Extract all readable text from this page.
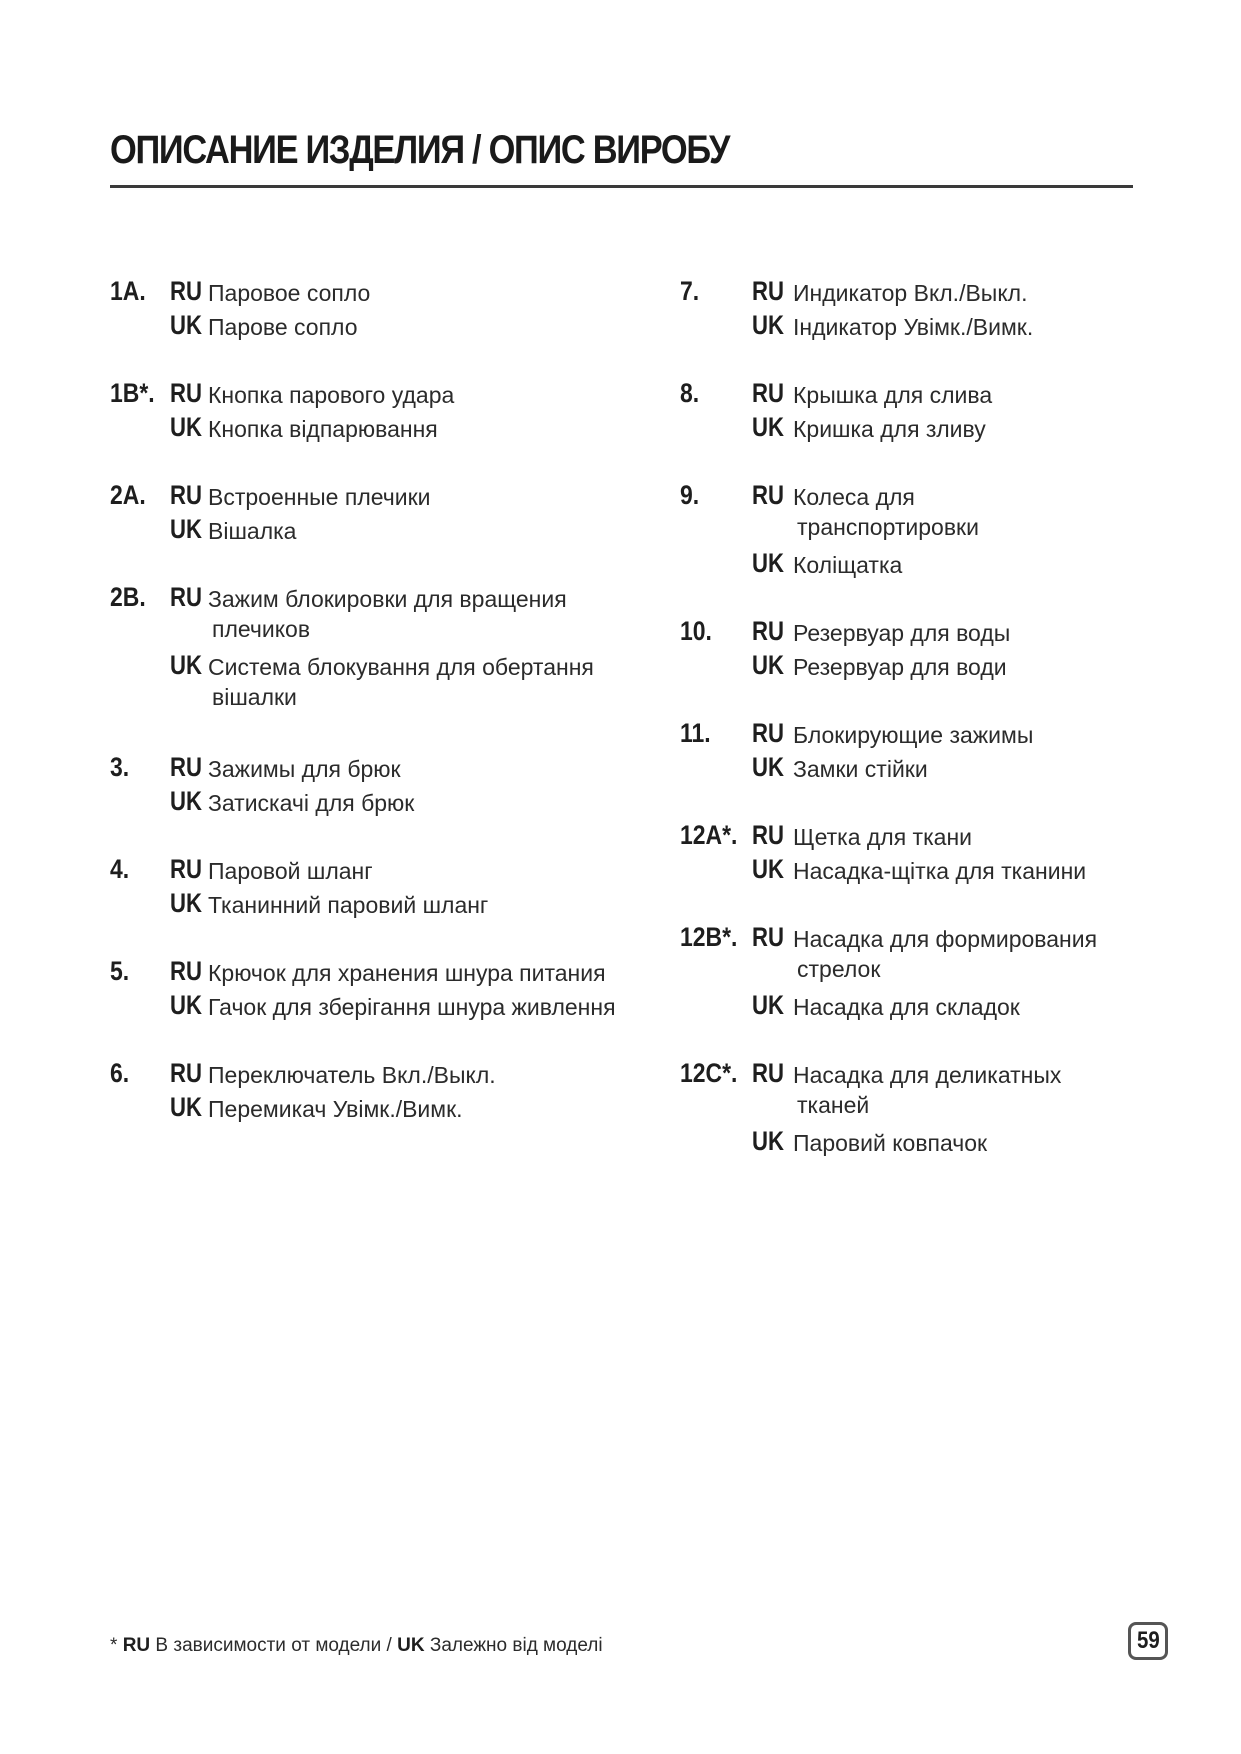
ОПИСАНИЕ ИЗДЕЛИЯ / ОПИС ВИРОБУ
1A. RU Паровое сопло
UK Парове сопло
1B*. RU Кнопка парового удара
UK Кнопка відпарювання
2A. RU Встроенные плечики
UK Вішалка
2B. RU Зажим блокировки для вращения
плечиков
UK Система блокування для обертання
вішалки
3. RU Зажимы для брюк
UK Затискачі для брюк
4. RU Паровой шланг
UK Тканинний паровий шланг
5. RU Крючок для хранения шнура питания
UK Гачок для зберігання шнура живлення
6. RU Переключатель Вкл./Выкл.
UK Перемикач Увімк./Вимк.
7. RU Индикатор Вкл./Выкл.
UK Індикатор Увімк./Вимк.
8. RU Крышка для слива
UK Кришка для зливу
9. RU Колеса для
транспортировки
UK Коліщатка
10. RU Резервуар для воды
UK Резервуар для води
11. RU Блокирующие зажимы
UK Замки стійки
12A*. RU Щетка для ткани
UK Насадка-щітка для тканини
12B*. RU Насадка для формирования
стрелок
UK Насадка для складок
12C*. RU Насадка для деликатных
тканей
UK Паровий ковпачок
* RU В зависимости от модели / UK Залежно від моделі	59
